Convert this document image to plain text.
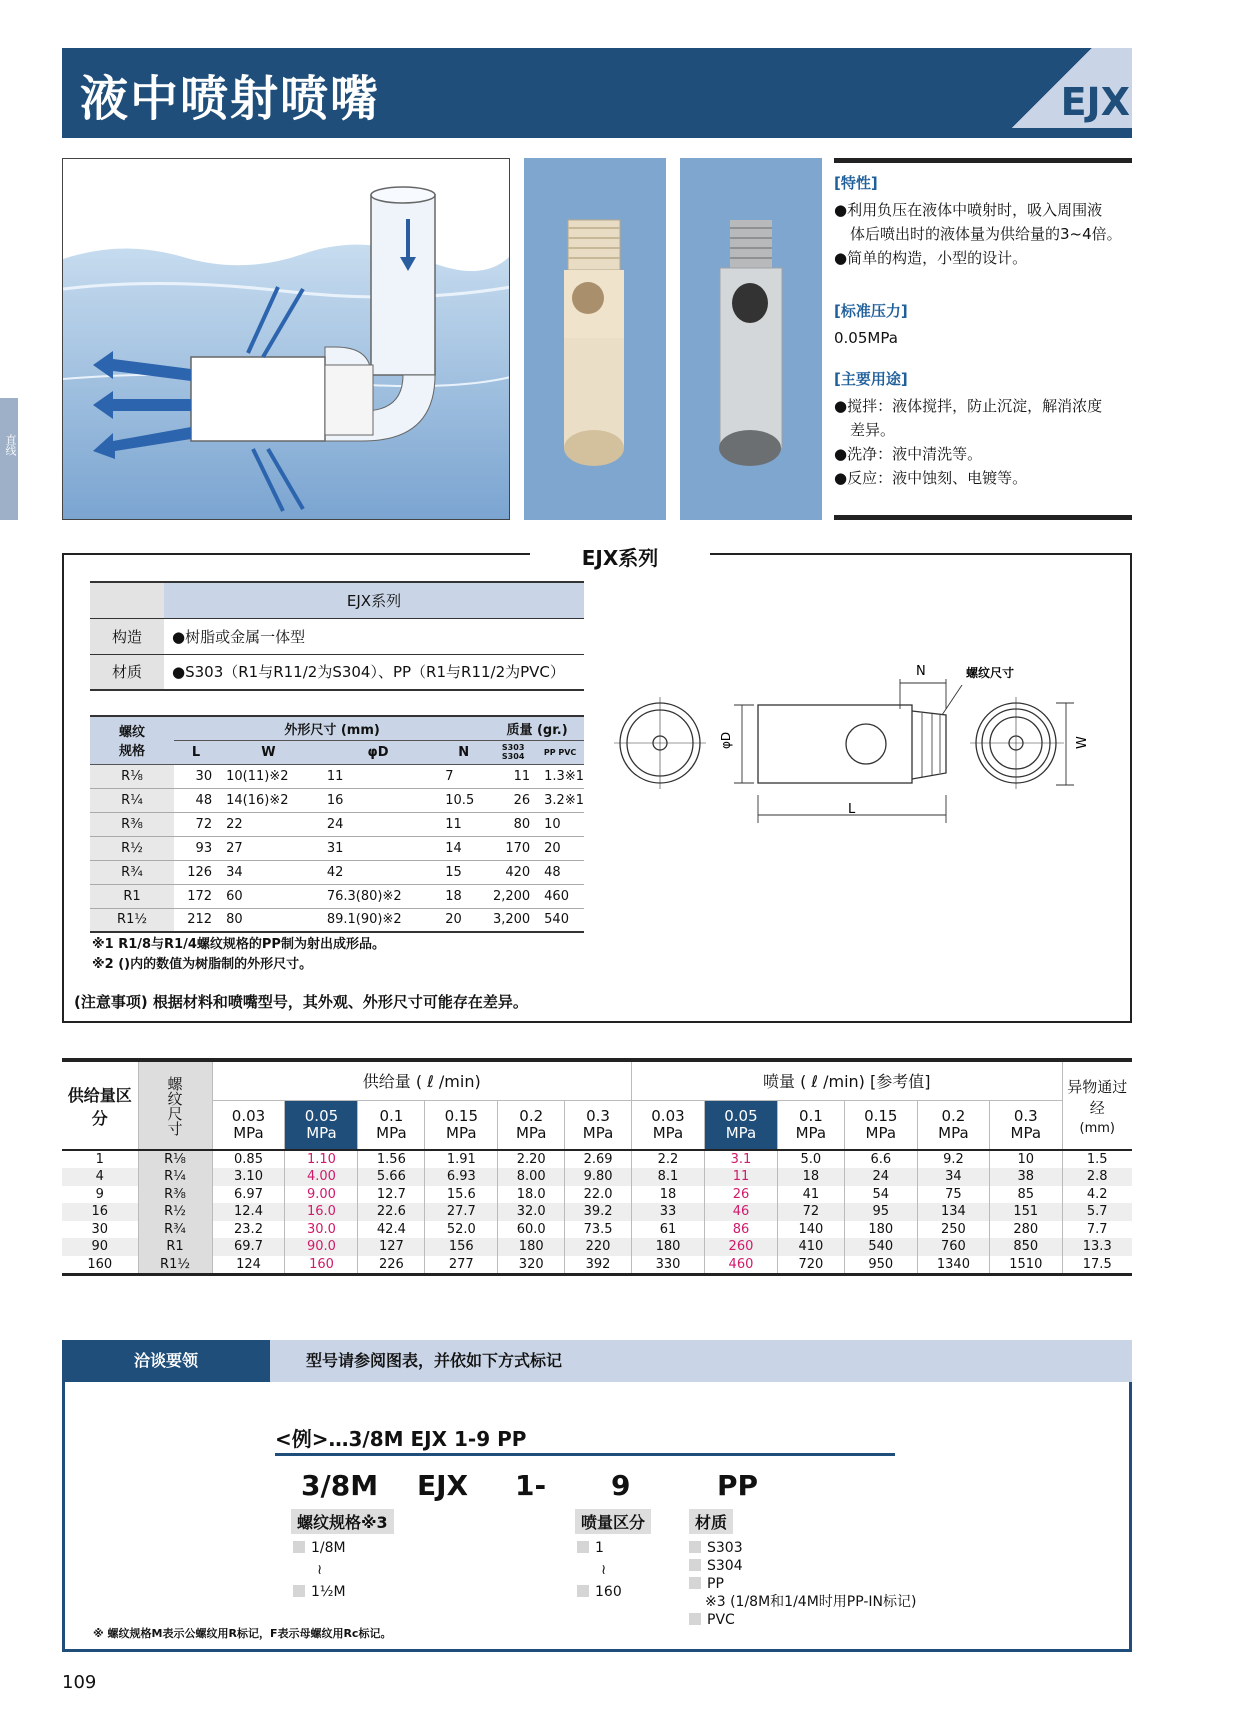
液中喷射喷嘴	EJX
直线
[特性]
●利用负压在液体中喷射时，吸入周围液
体后喷出时的液体量为供给量的3~4倍。
●简单的构造，小型的设计。
[标准压力]
0.05MPa
[主要用途]
●搅拌：液体搅拌，防止沉淀，解消浓度
差异。
●洗净：液中清洗等。
●反应：液中蚀刻、电镀等。
	EJX系列
构造	●树脂或金属一体型
材质	●S303（R1与R11/2为S304）、PP（R1与R11/2为PVC）
螺纹
规格	外形尺寸 (mm)				质量 (gr.)	
	L	W	φD	N	S303 S304	PP PVC
R⅛	30	10(11)※2	11	7	11	1.3※1
R¼	48	14(16)※2	16	10.5	26	3.2※1
R⅜	72	22	24	11	80	10
R½	93	27	31	14	170	20
R¾	126	34	42	15	420	48
R1	172	60	76.3(80)※2	18	2,200	460
R1½	212	80	89.1(90)※2	20	3,200	540
※1 R1/8与R1/4螺纹规格的PP制为射出成形品。
※2 ()内的数值为树脂制的外形尺寸。
(注意事项) 根据材料和喷嘴型号，其外观、外形尺寸可能存在差异。
N	螺纹尺寸
φD
L
W
EJX系列
供给量区分	螺纹尺寸	供给量 ( ℓ /min)						喷量 ( ℓ /min) [参考值]						异物通过经
(mm)
		0.03
MPa	0.05
MPa	0.1
MPa	0.15
MPa	0.2
MPa	0.3
MPa	0.03
MPa	0.05
MPa	0.1
MPa	0.15
MPa	0.2
MPa	0.3
MPa	
1	R⅛	0.85	1.10	1.56	1.91	2.20	2.69	2.2	3.1	5.0	6.6	9.2	10	1.5
4	R¼	3.10	4.00	5.66	6.93	8.00	9.80	8.1	11	18	24	34	38	2.8
9	R⅜	6.97	9.00	12.7	15.6	18.0	22.0	18	26	41	54	75	85	4.2
16	R½	12.4	16.0	22.6	27.7	32.0	39.2	33	46	72	95	134	151	5.7
30	R¾	23.2	30.0	42.4	52.0	60.0	73.5	61	86	140	180	250	280	7.7
90	R1	69.7	90.0	127	156	180	220	180	260	410	540	760	850	13.3
160	R1½	124	160	226	277	320	392	330	460	720	950	1340	1510	17.5
<例>…3/8M EJX 1-9 PP
3/8M EJX 1- 9	PP
螺纹规格※3	喷量区分	材质
1/8M
≀
1½M
1
≀
160
S303
S304
PP
※3 (1/8M和1/4M时用PP-IN标记)
PVC
※ 螺纹规格M表示公螺纹用R标记，F表示母螺纹用Rc标记。
洽谈要领	型号请参阅图表，并依如下方式标记
109
